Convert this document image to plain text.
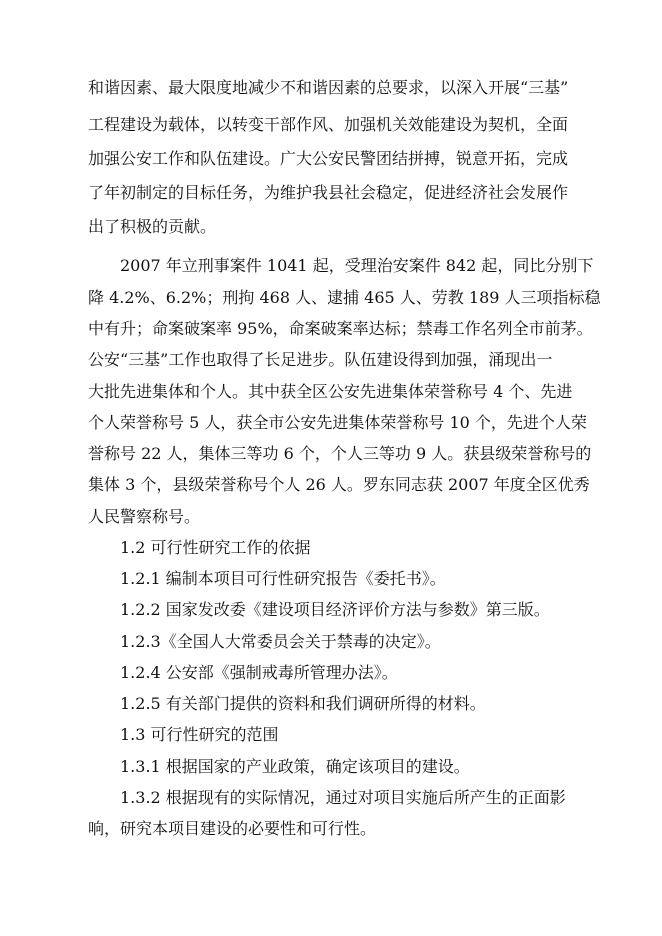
和谐因素、最大限度地减少不和谐因素的总要求，以深入开展“三基”
工程建设为载体，以转变干部作风、加强机关效能建设为契机，全面
加强公安工作和队伍建设。广大公安民警团结拼搏，锐意开拓，完成
了年初制定的目标任务，为维护我县社会稳定，促进经济社会发展作
出了积极的贡献。
2007 年立刑事案件 1041 起，受理治安案件 842 起，同比分别下
降 4.2%、6.2%；刑拘 468 人、逮捕 465 人、劳教 189 人三项指标稳
中有升；命案破案率 95%，命案破案率达标；禁毒工作名列全市前茅。
公安“三基”工作也取得了长足进步。队伍建设得到加强，涌现出一
大批先进集体和个人。其中获全区公安先进集体荣誉称号 4 个、先进
个人荣誉称号 5 人，获全市公安先进集体荣誉称号 10 个，先进个人荣
誉称号 22 人，集体三等功 6 个，个人三等功 9 人。获县级荣誉称号的
集体 3 个，县级荣誉称号个人 26 人。罗东同志获 2007 年度全区优秀
人民警察称号。
1.2 可行性研究工作的依据
1.2.1 编制本项目可行性研究报告《委托书》。
1.2.2 国家发改委《建设项目经济评价方法与参数》第三版。
1.2.3《全国人大常委员会关于禁毒的决定》。
1.2.4 公安部《强制戒毒所管理办法》。
1.2.5 有关部门提供的资料和我们调研所得的材料。
1.3 可行性研究的范围
1.3.1 根据国家的产业政策，确定该项目的建设。
1.3.2 根据现有的实际情况，通过对项目实施后所产生的正面影
响，研究本项目建设的必要性和可行性。
